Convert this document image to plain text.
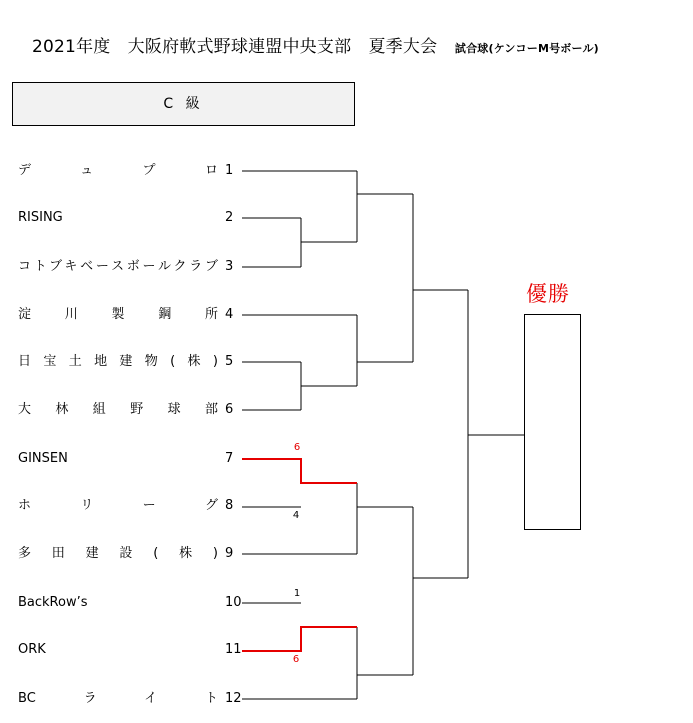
2021年度　大阪府軟式野球連盟中央支部　夏季大会 試合球(ケンコーM号ボール)
C 級
デュプロ 1
RISING	2
コトブキベースボールクラブ 3
淀川製鋼所 4
日宝土地建物(株) 5
大林組野球部 6
GINSEN	7
ホリーグ 8
多田建設(株) 9
BackRow’s	10
ORK	11
BCライト 12
6
4
1
6
優勝
